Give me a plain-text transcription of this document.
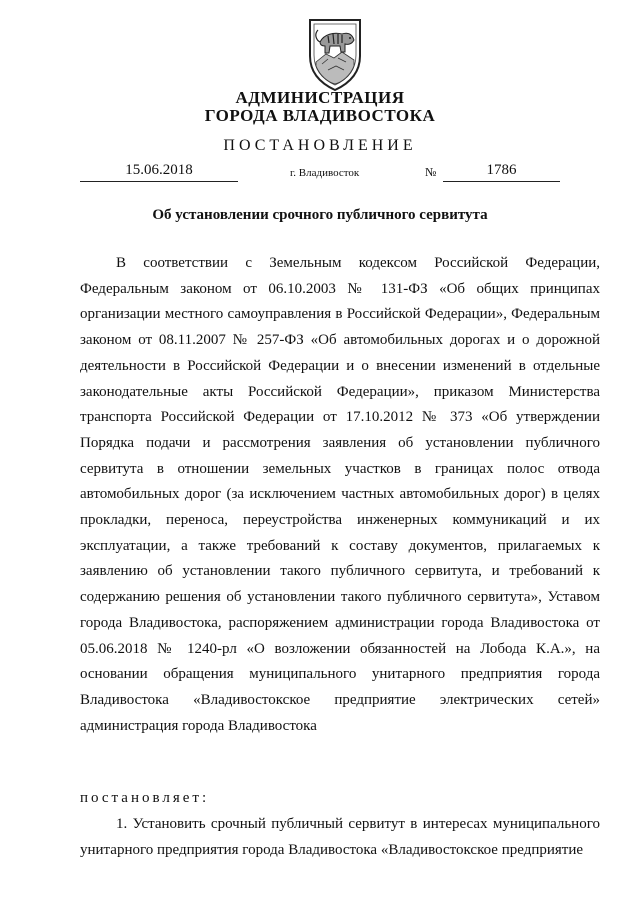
АДМИНИСТРАЦИЯ
ГОРОДА ВЛАДИВОСТОКА
ПОСТАНОВЛЕНИЕ
15.06.2018	г. Владивосток	№	1786
Об установлении срочного публичного сервитута

В соответствии с Земельным кодексом Российской Федерации, Федеральным законом от 06.10.2003 № 131-ФЗ «Об общих принципах организации местного самоуправления в Российской Федерации», Федеральным законом от 08.11.2007 № 257-ФЗ «Об автомобильных дорогах и о дорожной деятельности в Российской Федерации и о внесении изменений в отдельные законодательные акты Российской Федерации», приказом Министерства транспорта Российской Федерации от 17.10.2012 № 373 «Об утверждении Порядка подачи и рассмотрения заявления об установлении публичного сервитута в отношении земельных участков в границах полос отвода автомобильных дорог (за исключением частных автомобильных дорог) в целях прокладки, переноса, переустройства инженерных коммуникаций и их эксплуатации, а также требований к составу документов, прилагаемых к заявлению об установлении такого публичного сервитута, и требований к содержанию решения об установлении такого публичного сервитута», Уставом города Владивостока, распоряжением администрации города Владивостока от 05.06.2018 № 1240-рл «О возложении обязанностей на Лобода К.А.», на основании обращения муниципального унитарного предприятия города Владивостока «Владивостокское предприятие электрических сетей» администрация города Владивостока

постановляет:

1. Установить срочный публичный сервитут в интересах муниципального унитарного предприятия города Владивостока «Владивостокское предприятие
